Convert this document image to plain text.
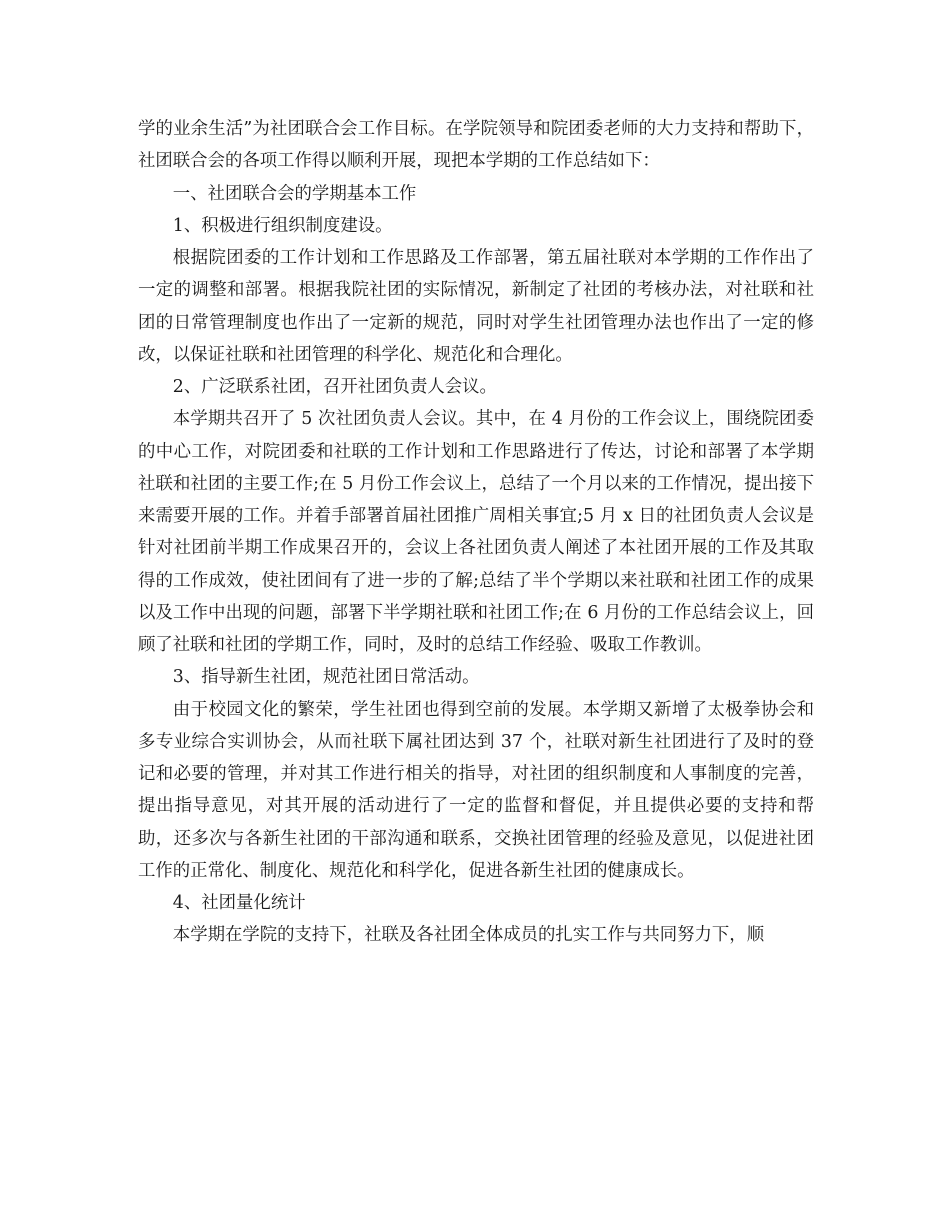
学的业余生活”为社团联合会工作目标。在学院领导和院团委老师的大力支持和帮助下，社团联合会的各项工作得以顺利开展，现把本学期的工作总结如下：

一、社团联合会的学期基本工作

1、积极进行组织制度建设。

根据院团委的工作计划和工作思路及工作部署，第五届社联对本学期的工作作出了一定的调整和部署。根据我院社团的实际情况，新制定了社团的考核办法，对社联和社团的日常管理制度也作出了一定新的规范，同时对学生社团管理办法也作出了一定的修改，以保证社联和社团管理的科学化、规范化和合理化。

2、广泛联系社团，召开社团负责人会议。

本学期共召开了 5 次社团负责人会议。其中，在 4 月份的工作会议上，围绕院团委的中心工作，对院团委和社联的工作计划和工作思路进行了传达，讨论和部署了本学期社联和社团的主要工作;在 5 月份工作会议上，总结了一个月以来的工作情况，提出接下来需要开展的工作。并着手部署首届社团推广周相关事宜;5 月 x 日的社团负责人会议是针对社团前半期工作成果召开的，会议上各社团负责人阐述了本社团开展的工作及其取得的工作成效，使社团间有了进一步的了解;总结了半个学期以来社联和社团工作的成果以及工作中出现的问题，部署下半学期社联和社团工作;在 6 月份的工作总结会议上，回顾了社联和社团的学期工作，同时，及时的总结工作经验、吸取工作教训。

3、指导新生社团，规范社团日常活动。

由于校园文化的繁荣，学生社团也得到空前的发展。本学期又新增了太极拳协会和多专业综合实训协会，从而社联下属社团达到 37 个，社联对新生社团进行了及时的登记和必要的管理，并对其工作进行相关的指导，对社团的组织制度和人事制度的完善，提出指导意见，对其开展的活动进行了一定的监督和督促，并且提供必要的支持和帮助，还多次与各新生社团的干部沟通和联系，交换社团管理的经验及意见，以促进社团工作的正常化、制度化、规范化和科学化，促进各新生社团的健康成长。

4、社团量化统计

本学期在学院的支持下，社联及各社团全体成员的扎实工作与共同努力下，顺
